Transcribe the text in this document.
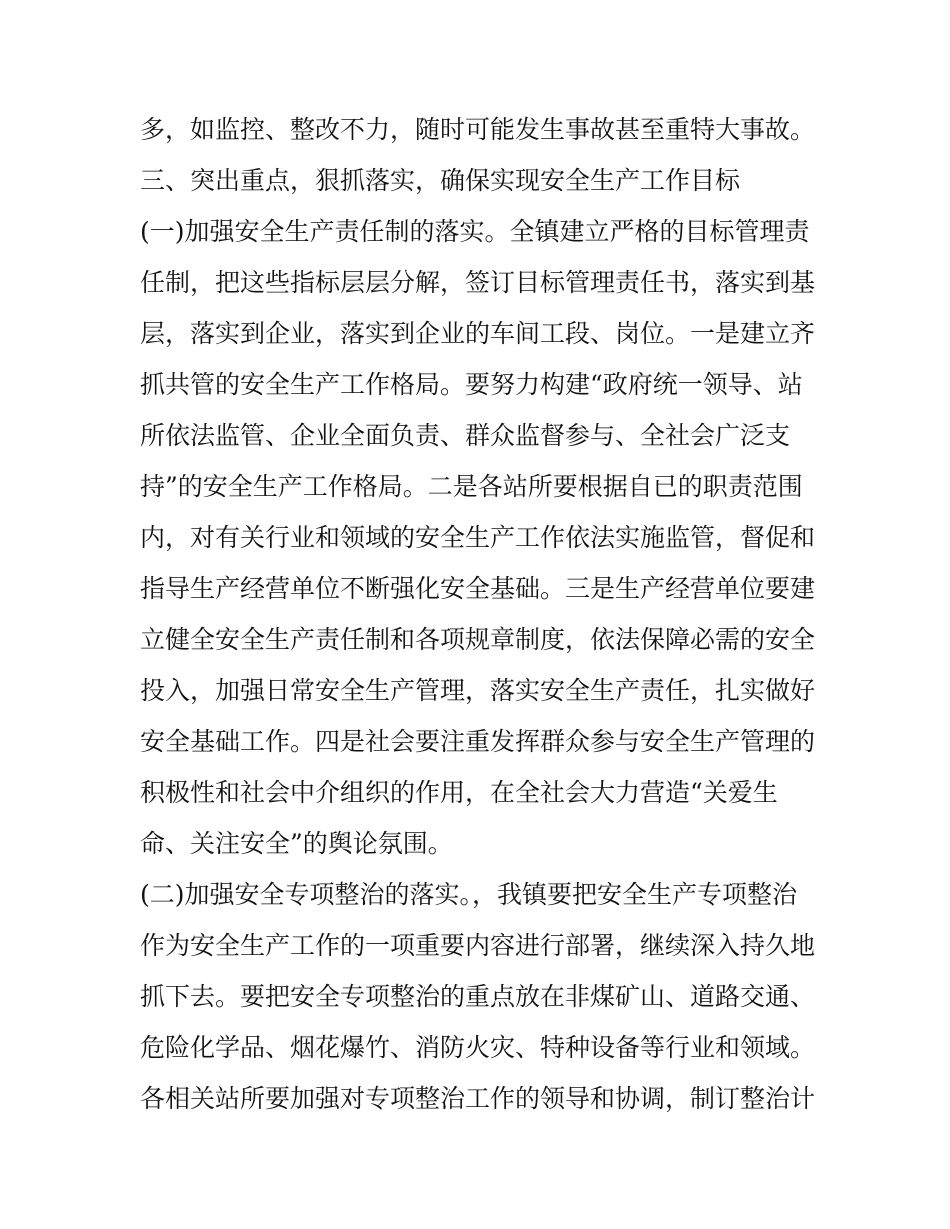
多，如监控、整改不力，随时可能发生事故甚至重特大事故。
三、突出重点，狠抓落实，确保实现安全生产工作目标
(一)加强安全生产责任制的落实。全镇建立严格的目标管理责
任制，把这些指标层层分解，签订目标管理责任书，落实到基
层，落实到企业，落实到企业的车间工段、岗位。一是建立齐
抓共管的安全生产工作格局。要努力构建“政府统一领导、站
所依法监管、企业全面负责、群众监督参与、全社会广泛支
持”的安全生产工作格局。二是各站所要根据自已的职责范围
内，对有关行业和领域的安全生产工作依法实施监管，督促和
指导生产经营单位不断强化安全基础。三是生产经营单位要建
立健全安全生产责任制和各项规章制度，依法保障必需的安全
投入，加强日常安全生产管理，落实安全生产责任，扎实做好
安全基础工作。四是社会要注重发挥群众参与安全生产管理的
积极性和社会中介组织的作用，在全社会大力营造“关爱生
命、关注安全”的舆论氛围。
(二)加强安全专项整治的落实。，我镇要把安全生产专项整治
作为安全生产工作的一项重要内容进行部署，继续深入持久地
抓下去。要把安全专项整治的重点放在非煤矿山、道路交通、
危险化学品、烟花爆竹、消防火灾、特种设备等行业和领域。
各相关站所要加强对专项整治工作的领导和协调，制订整治计
